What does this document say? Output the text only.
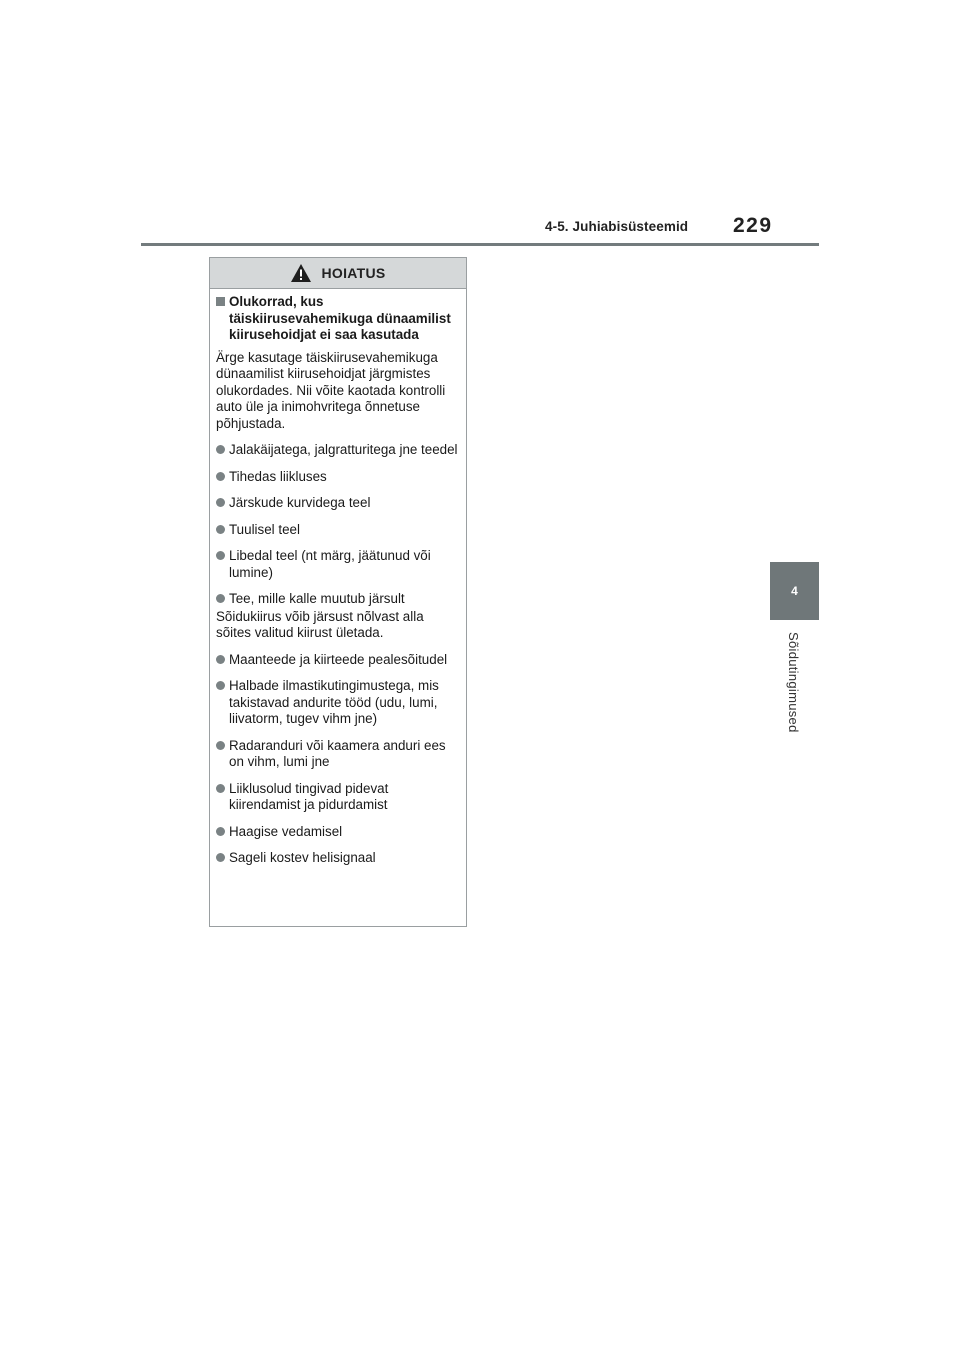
4-5. Juhiabisüsteemid 229
4
Sõidutingimused
HOIATUS
Olukorrad, kus täiskiirusevahemikuga dünaamilist kiirusehoidjat ei saa kasutada

Ärge kasutage täiskiirusevahemikuga dünaamilist kiirusehoidjat järgmistes olukordades. Nii võite kaotada kontrolli auto üle ja inimohvritega õnnetuse põhjustada.

Jalakäijatega, jalgratturitega jne teedel
Tihedas liikluses
Järskude kurvidega teel
Tuulisel teel
Libedal teel (nt märg, jäätunud või lumine)
Tee, mille kalle muutub järsult

Sõidukiirus võib järsust nõlvast alla sõites valitud kiirust ületada.

Maanteede ja kiirteede pealesõitudel
Halbade ilmastikutingimustega, mis takistavad andurite tööd (udu, lumi, liivatorm, tugev vihm jne)
Radaranduri või kaamera anduri ees on vihm, lumi jne
Liiklusolud tingivad pidevat kiirendamist ja pidurdamist
Haagise vedamisel
Sageli kostev helisignaal
